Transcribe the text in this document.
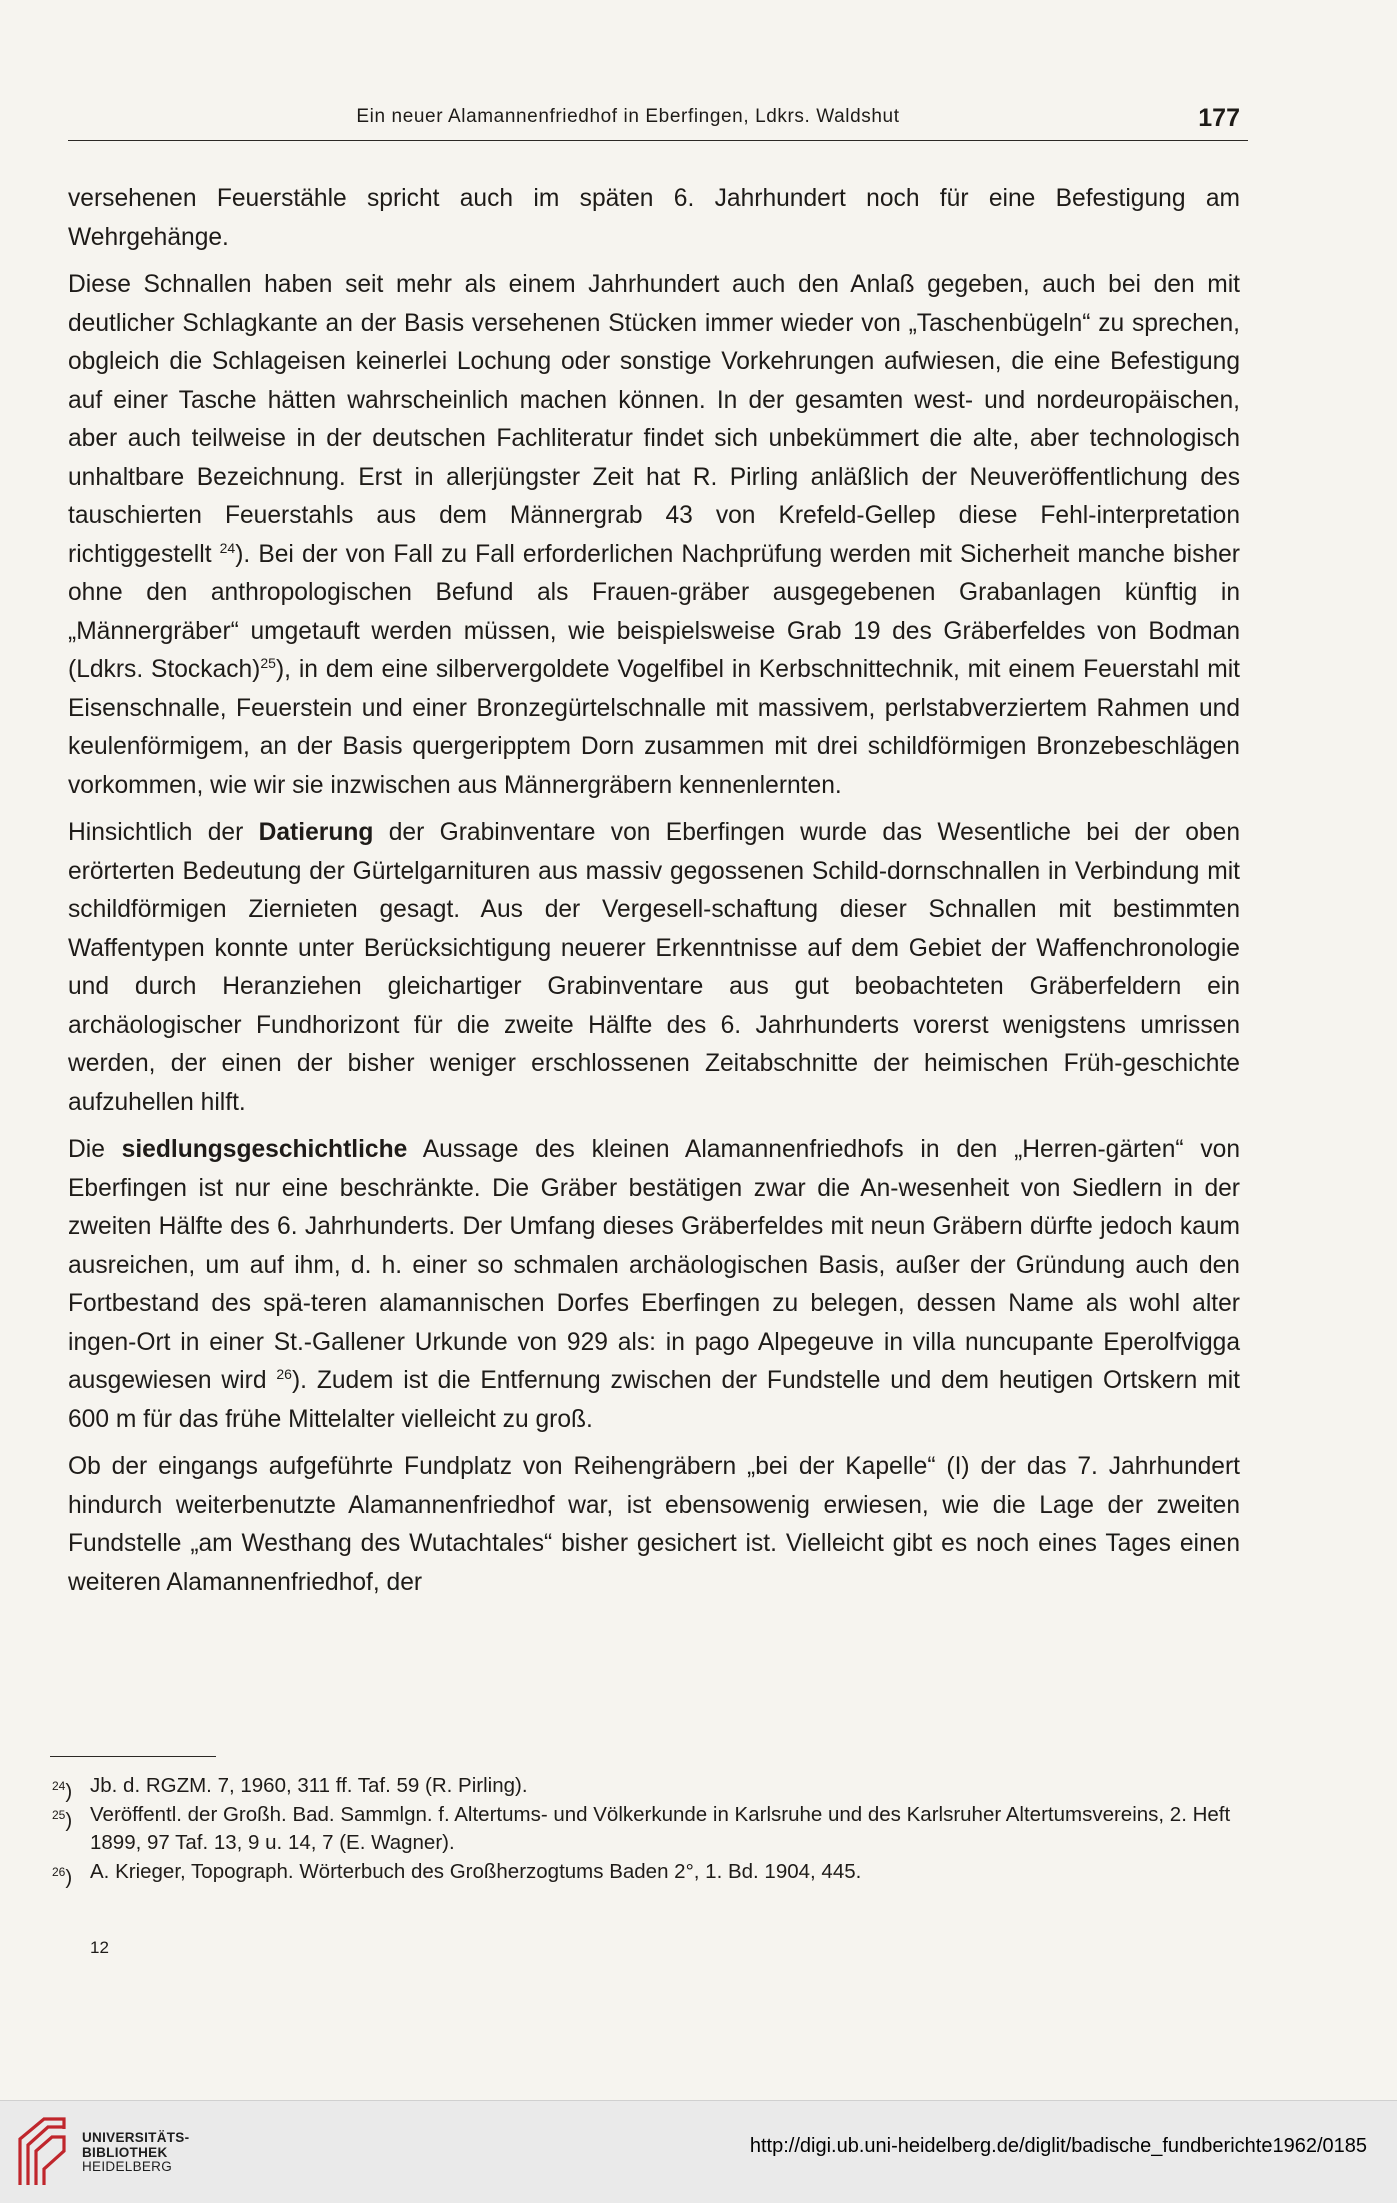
Ein neuer Alamannenfriedhof in Eberfingen, Ldkrs. Waldshut	177

versehenen Feuerstähle spricht auch im späten 6. Jahrhundert noch für eine Befestigung am Wehrgehänge.

Diese Schnallen haben seit mehr als einem Jahrhundert auch den Anlaß gegeben, auch bei den mit deutlicher Schlagkante an der Basis versehenen Stücken immer wieder von „Taschenbügeln“ zu sprechen, obgleich die Schlageisen keinerlei Lochung oder sonstige Vorkehrungen aufwiesen, die eine Befestigung auf einer Tasche hätten wahrscheinlich machen können. In der gesamten west- und nordeuropäischen, aber auch teilweise in der deutschen Fachliteratur findet sich unbekümmert die alte, aber technologisch unhaltbare Bezeichnung. Erst in allerjüngster Zeit hat R. Pirling anläßlich der Neuveröffentlichung des tauschierten Feuerstahls aus dem Männergrab 43 von Krefeld-Gellep diese Fehl-interpretation richtiggestellt $^{24}$). Bei der von Fall zu Fall erforderlichen Nachprüfung werden mit Sicherheit manche bisher ohne den anthropologischen Befund als Frauen-gräber ausgegebenen Grabanlagen künftig in „Männergräber“ umgetauft werden müssen, wie beispielsweise Grab 19 des Gräberfeldes von Bodman (Ldkrs. Stockach)$^{25}$), in dem eine silbervergoldete Vogelfibel in Kerbschnittechnik, mit einem Feuerstahl mit Eisenschnalle, Feuerstein und einer Bronzegürtelschnalle mit massivem, perlstabverziertem Rahmen und keulenförmigem, an der Basis quergeripptem Dorn zusammen mit drei schildförmigen Bronzebeschlägen vorkommen, wie wir sie inzwischen aus Männergräbern kennenlernten.

Hinsichtlich der Datierung der Grabinventare von Eberfingen wurde das Wesentliche bei der oben erörterten Bedeutung der Gürtelgarnituren aus massiv gegossenen Schild-dornschnallen in Verbindung mit schildförmigen Ziernieten gesagt. Aus der Vergesell-schaftung dieser Schnallen mit bestimmten Waffentypen konnte unter Berücksichtigung neuerer Erkenntnisse auf dem Gebiet der Waffenchronologie und durch Heranziehen gleichartiger Grabinventare aus gut beobachteten Gräberfeldern ein archäologischer Fundhorizont für die zweite Hälfte des 6. Jahrhunderts vorerst wenigstens umrissen werden, der einen der bisher weniger erschlossenen Zeitabschnitte der heimischen Früh-geschichte aufzuhellen hilft.

Die siedlungsgeschichtliche Aussage des kleinen Alamannenfriedhofs in den „Herren-gärten“ von Eberfingen ist nur eine beschränkte. Die Gräber bestätigen zwar die An-wesenheit von Siedlern in der zweiten Hälfte des 6. Jahrhunderts. Der Umfang dieses Gräberfeldes mit neun Gräbern dürfte jedoch kaum ausreichen, um auf ihm, d. h. einer so schmalen archäologischen Basis, außer der Gründung auch den Fortbestand des spä-teren alamannischen Dorfes Eberfingen zu belegen, dessen Name als wohl alter ingen-Ort in einer St.-Gallener Urkunde von 929 als: in pago Alpegeuve in villa nuncupante Eperolfvigga ausgewiesen wird $^{26}$). Zudem ist die Entfernung zwischen der Fundstelle und dem heutigen Ortskern mit 600 m für das frühe Mittelalter vielleicht zu groß.

Ob der eingangs aufgeführte Fundplatz von Reihengräbern „bei der Kapelle“ (I) der das 7. Jahrhundert hindurch weiterbenutzte Alamannenfriedhof war, ist ebensowenig erwiesen, wie die Lage der zweiten Fundstelle „am Westhang des Wutachtales“ bisher gesichert ist. Vielleicht gibt es noch eines Tages einen weiteren Alamannenfriedhof, der

$^{24}$) Jb. d. RGZM. 7, 1960, 311 ff. Taf. 59 (R. Pirling).

$^{25}$) Veröffentl. der Großh. Bad. Sammlgn. f. Altertums- und Völkerkunde in Karlsruhe und des Karlsruher Altertumsvereins, 2. Heft 1899, 97 Taf. 13, 9 u. 14, 7 (E. Wagner).

$^{26}$) A. Krieger, Topograph. Wörterbuch des Großherzogtums Baden 2°, 1. Bd. 1904, 445.

12
UNIVERSITÄTS-
BIBLIOTHEK
HEIDELBERG
http://digi.ub.uni-heidelberg.de/diglit/badische_fundberichte1962/0185
